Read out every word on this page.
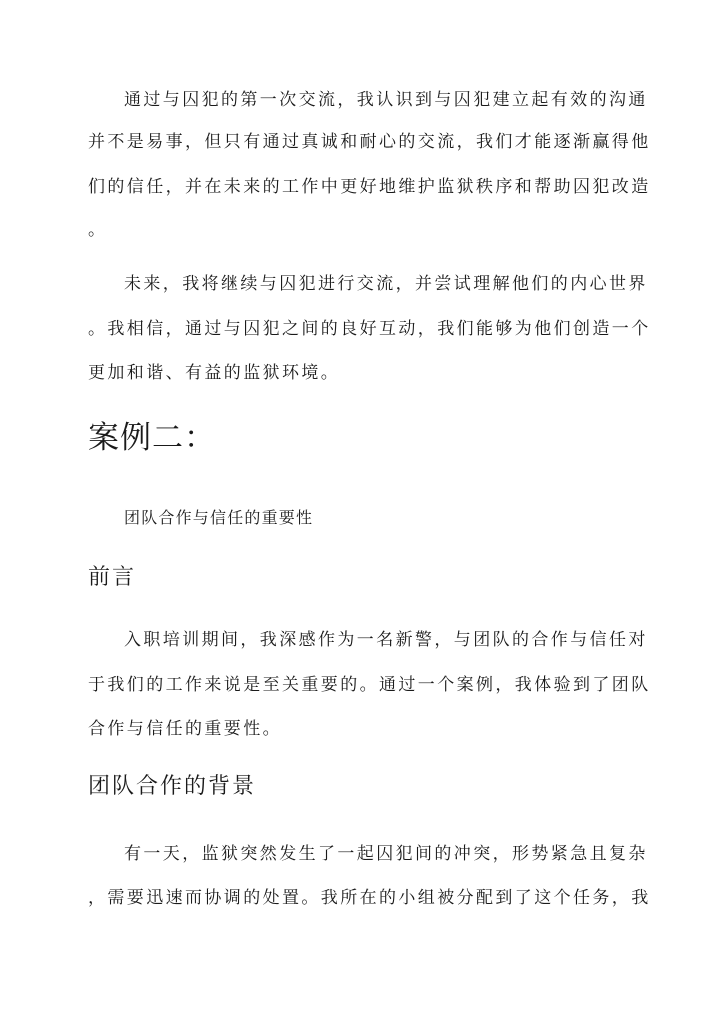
通过与囚犯的第一次交流，我认识到与囚犯建立起有效的沟通
并不是易事，但只有通过真诚和耐心的交流，我们才能逐渐赢得他
们的信任，并在未来的工作中更好地维护监狱秩序和帮助囚犯改造
。
未来，我将继续与囚犯进行交流，并尝试理解他们的内心世界
。我相信，通过与囚犯之间的良好互动，我们能够为他们创造一个
更加和谐、有益的监狱环境。
案例二：
团队合作与信任的重要性
前言
入职培训期间，我深感作为一名新警，与团队的合作与信任对
于我们的工作来说是至关重要的。通过一个案例，我体验到了团队
合作与信任的重要性。
团队合作的背景
有一天，监狱突然发生了一起囚犯间的冲突，形势紧急且复杂
，需要迅速而协调的处置。我所在的小组被分配到了这个任务，我
